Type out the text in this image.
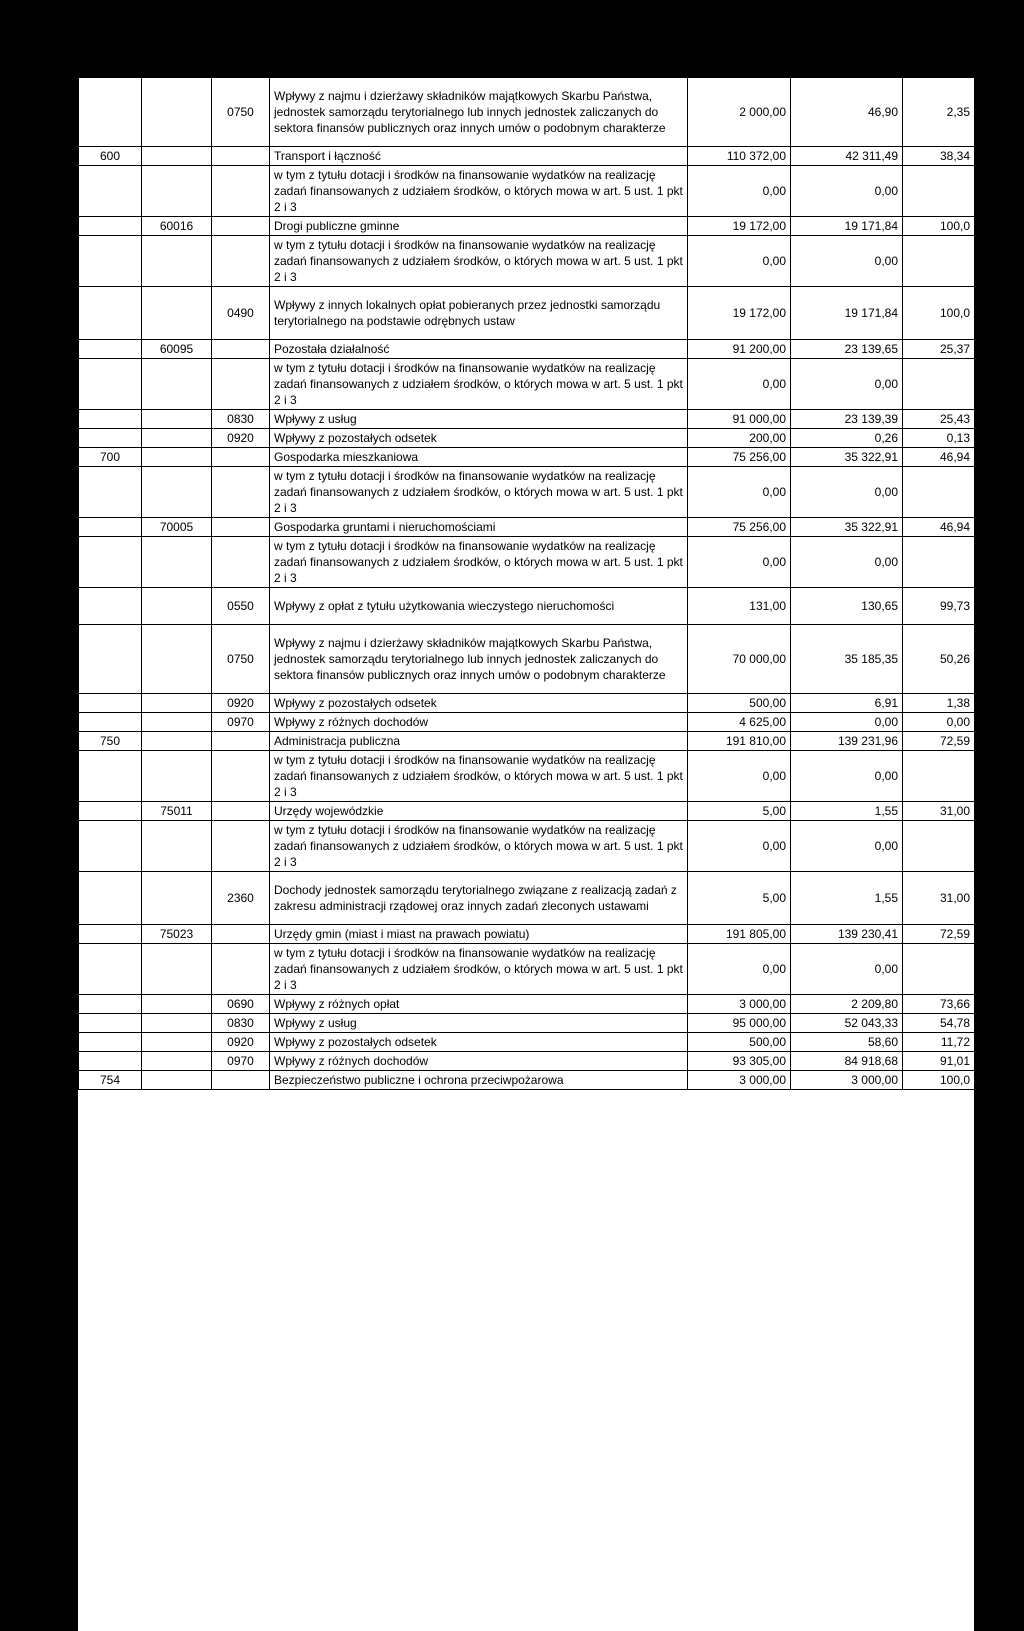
		0750	Wpływy z najmu i dzierżawy składników majątkowych Skarbu Państwa, jednostek samorządu terytorialnego lub innych jednostek zaliczanych do sektora finansów publicznych oraz innych umów o podobnym charakterze	2 000,00	46,90	2,35
600			Transport i łączność	110 372,00	42 311,49	38,34
			w tym z tytułu dotacji i środków na finansowanie wydatków na realizację zadań finansowanych z udziałem środków, o których mowa w art. 5 ust. 1 pkt 2 i 3	0,00	0,00	
	60016		Drogi publiczne gminne	19 172,00	19 171,84	100,0
			w tym z tytułu dotacji i środków na finansowanie wydatków na realizację zadań finansowanych z udziałem środków, o których mowa w art. 5 ust. 1 pkt 2 i 3	0,00	0,00	
		0490	Wpływy z innych lokalnych opłat pobieranych przez jednostki samorządu terytorialnego na podstawie odrębnych ustaw	19 172,00	19 171,84	100,0
	60095		Pozostała działalność	91 200,00	23 139,65	25,37
			w tym z tytułu dotacji i środków na finansowanie wydatków na realizację zadań finansowanych z udziałem środków, o których mowa w art. 5 ust. 1 pkt 2 i 3	0,00	0,00	
		0830	Wpływy z usług	91 000,00	23 139,39	25,43
		0920	Wpływy z pozostałych odsetek	200,00	0,26	0,13
700			Gospodarka mieszkaniowa	75 256,00	35 322,91	46,94
			w tym z tytułu dotacji i środków na finansowanie wydatków na realizację zadań finansowanych z udziałem środków, o których mowa w art. 5 ust. 1 pkt 2 i 3	0,00	0,00	
	70005		Gospodarka gruntami i nieruchomościami	75 256,00	35 322,91	46,94
			w tym z tytułu dotacji i środków na finansowanie wydatków na realizację zadań finansowanych z udziałem środków, o których mowa w art. 5 ust. 1 pkt 2 i 3	0,00	0,00	
		0550	Wpływy z opłat z tytułu użytkowania wieczystego nieruchomości	131,00	130,65	99,73
		0750	Wpływy z najmu i dzierżawy składników majątkowych Skarbu Państwa, jednostek samorządu terytorialnego lub innych jednostek zaliczanych do sektora finansów publicznych oraz innych umów o podobnym charakterze	70 000,00	35 185,35	50,26
		0920	Wpływy z pozostałych odsetek	500,00	6,91	1,38
		0970	Wpływy z różnych dochodów	4 625,00	0,00	0,00
750			Administracja publiczna	191 810,00	139 231,96	72,59
			w tym z tytułu dotacji i środków na finansowanie wydatków na realizację zadań finansowanych z udziałem środków, o których mowa w art. 5 ust. 1 pkt 2 i 3	0,00	0,00	
	75011		Urzędy wojewódzkie	5,00	1,55	31,00
			w tym z tytułu dotacji i środków na finansowanie wydatków na realizację zadań finansowanych z udziałem środków, o których mowa w art. 5 ust. 1 pkt 2 i 3	0,00	0,00	
		2360	Dochody jednostek samorządu terytorialnego związane z realizacją zadań z zakresu administracji rządowej oraz innych zadań zleconych ustawami	5,00	1,55	31,00
	75023		Urzędy gmin (miast i miast na prawach powiatu)	191 805,00	139 230,41	72,59
			w tym z tytułu dotacji i środków na finansowanie wydatków na realizację zadań finansowanych z udziałem środków, o których mowa w art. 5 ust. 1 pkt 2 i 3	0,00	0,00	
		0690	Wpływy z różnych opłat	3 000,00	2 209,80	73,66
		0830	Wpływy z usług	95 000,00	52 043,33	54,78
		0920	Wpływy z pozostałych odsetek	500,00	58,60	11,72
		0970	Wpływy z różnych dochodów	93 305,00	84 918,68	91,01
754			Bezpieczeństwo publiczne i ochrona przeciwpożarowa	3 000,00	3 000,00	100,0
